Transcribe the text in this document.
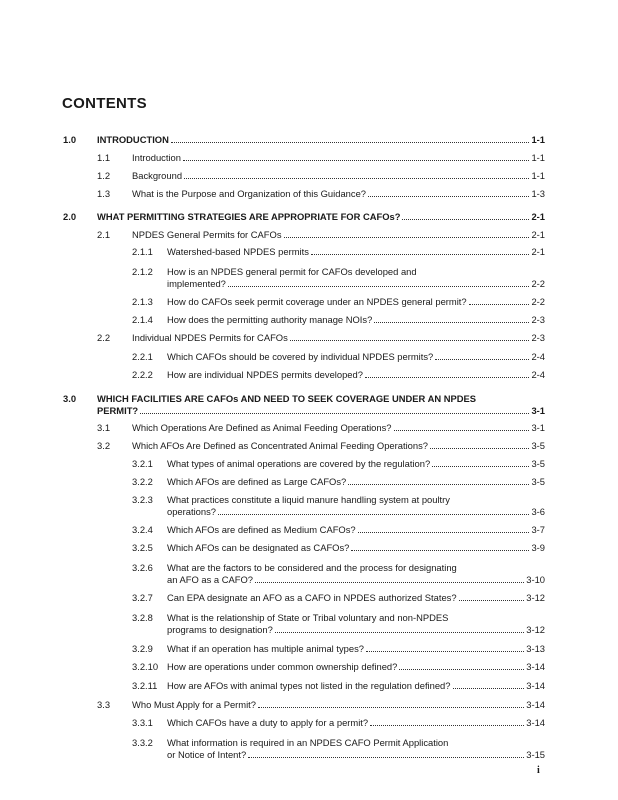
CONTENTS
1.0 INTRODUCTION	1-1
1.1 Introduction	1-1
1.2 Background	1-1
1.3 What is the Purpose and Organization of this Guidance?	1-3
2.0 WHAT PERMITTING STRATEGIES ARE APPROPRIATE FOR CAFOs?	2-1
2.1 NPDES General Permits for CAFOs	2-1
2.1.1 Watershed-based NPDES permits	2-1
2.1.2 How is an NPDES general permit for CAFOs developed and
implemented?	2-2
2.1.3 How do CAFOs seek permit coverage under an NPDES general permit?	2-2
2.1.4 How does the permitting authority manage NOIs?	2-3
2.2 Individual NPDES Permits for CAFOs	2-3
2.2.1 Which CAFOs should be covered by individual NPDES permits?	2-4
2.2.2 How are individual NPDES permits developed?	2-4
3.0 WHICH FACILITIES ARE CAFOs AND NEED TO SEEK COVERAGE UNDER AN NPDES
PERMIT?	3-1
3.1 Which Operations Are Defined as Animal Feeding Operations?	3-1
3.2 Which AFOs Are Defined as Concentrated Animal Feeding Operations?	3-5
3.2.1 What types of animal operations are covered by the regulation?	3-5
3.2.2 Which AFOs are defined as Large CAFOs?	3-5
3.2.3 What practices constitute a liquid manure handling system at poultry
operations?	3-6
3.2.4 Which AFOs are defined as Medium CAFOs?	3-7
3.2.5 Which AFOs can be designated as CAFOs?	3-9
3.2.6 What are the factors to be considered and the process for designating
an AFO as a CAFO?	3-10
3.2.7 Can EPA designate an AFO as a CAFO in NPDES authorized States?	3-12
3.2.8 What is the relationship of State or Tribal voluntary and non-NPDES
programs to designation?	3-12
3.2.9 What if an operation has multiple animal types?	3-13
3.2.10 How are operations under common ownership defined?	3-14
3.2.11 How are AFOs with animal types not listed in the regulation defined?	3-14
3.3 Who Must Apply for a Permit?	3-14
3.3.1 Which CAFOs have a duty to apply for a permit?	3-14
3.3.2 What information is required in an NPDES CAFO Permit Application
or Notice of Intent?	3-15
i
